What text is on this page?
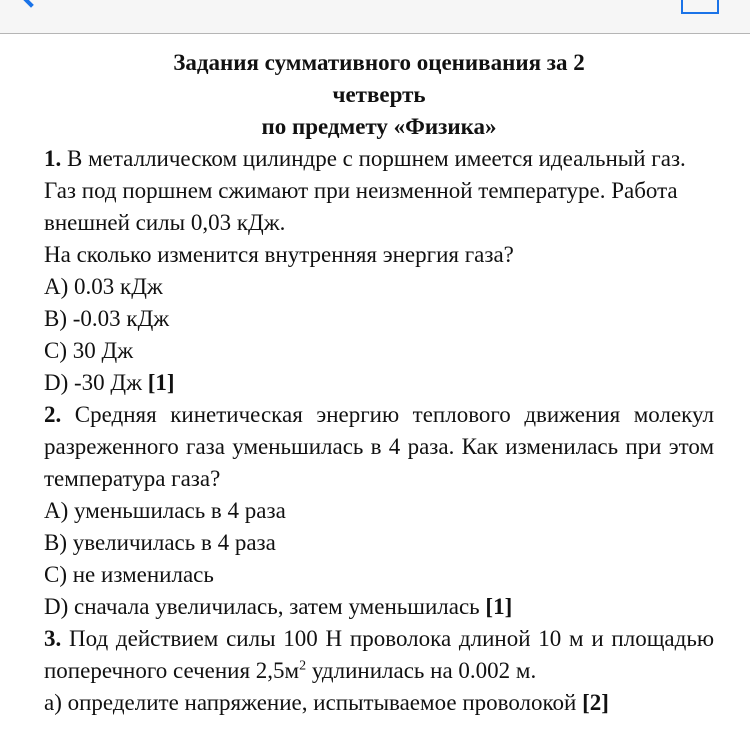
Задания суммативного оценивания за 2

четверть

по предмету «Физика»

1. В металлическом цилиндре с поршнем имеется идеальный газ. Газ под поршнем сжимают при неизменной температуре. Работа внешней силы 0,03 кДж.
На сколько изменится внутренняя энергия газа?

А) 0.03 кДж

В) -0.03 кДж

С) 30 Дж

D) -30 Дж [1]

2. Средняя кинетическая энергию теплового движения молекул разреженного газа уменьшилась в 4 раза. Как изменилась при этом температура газа?

А) уменьшилась в 4 раза

В) увеличилась в 4 раза

С) не изменилась

D) сначала увеличилась, затем уменьшилась [1]

3. Под действием силы 100 Н проволока длиной 10 м и площадью поперечного сечения $2,5м^2$ удлинилась на 0.002 м.

а) определите напряжение, испытываемое проволокой [2]
